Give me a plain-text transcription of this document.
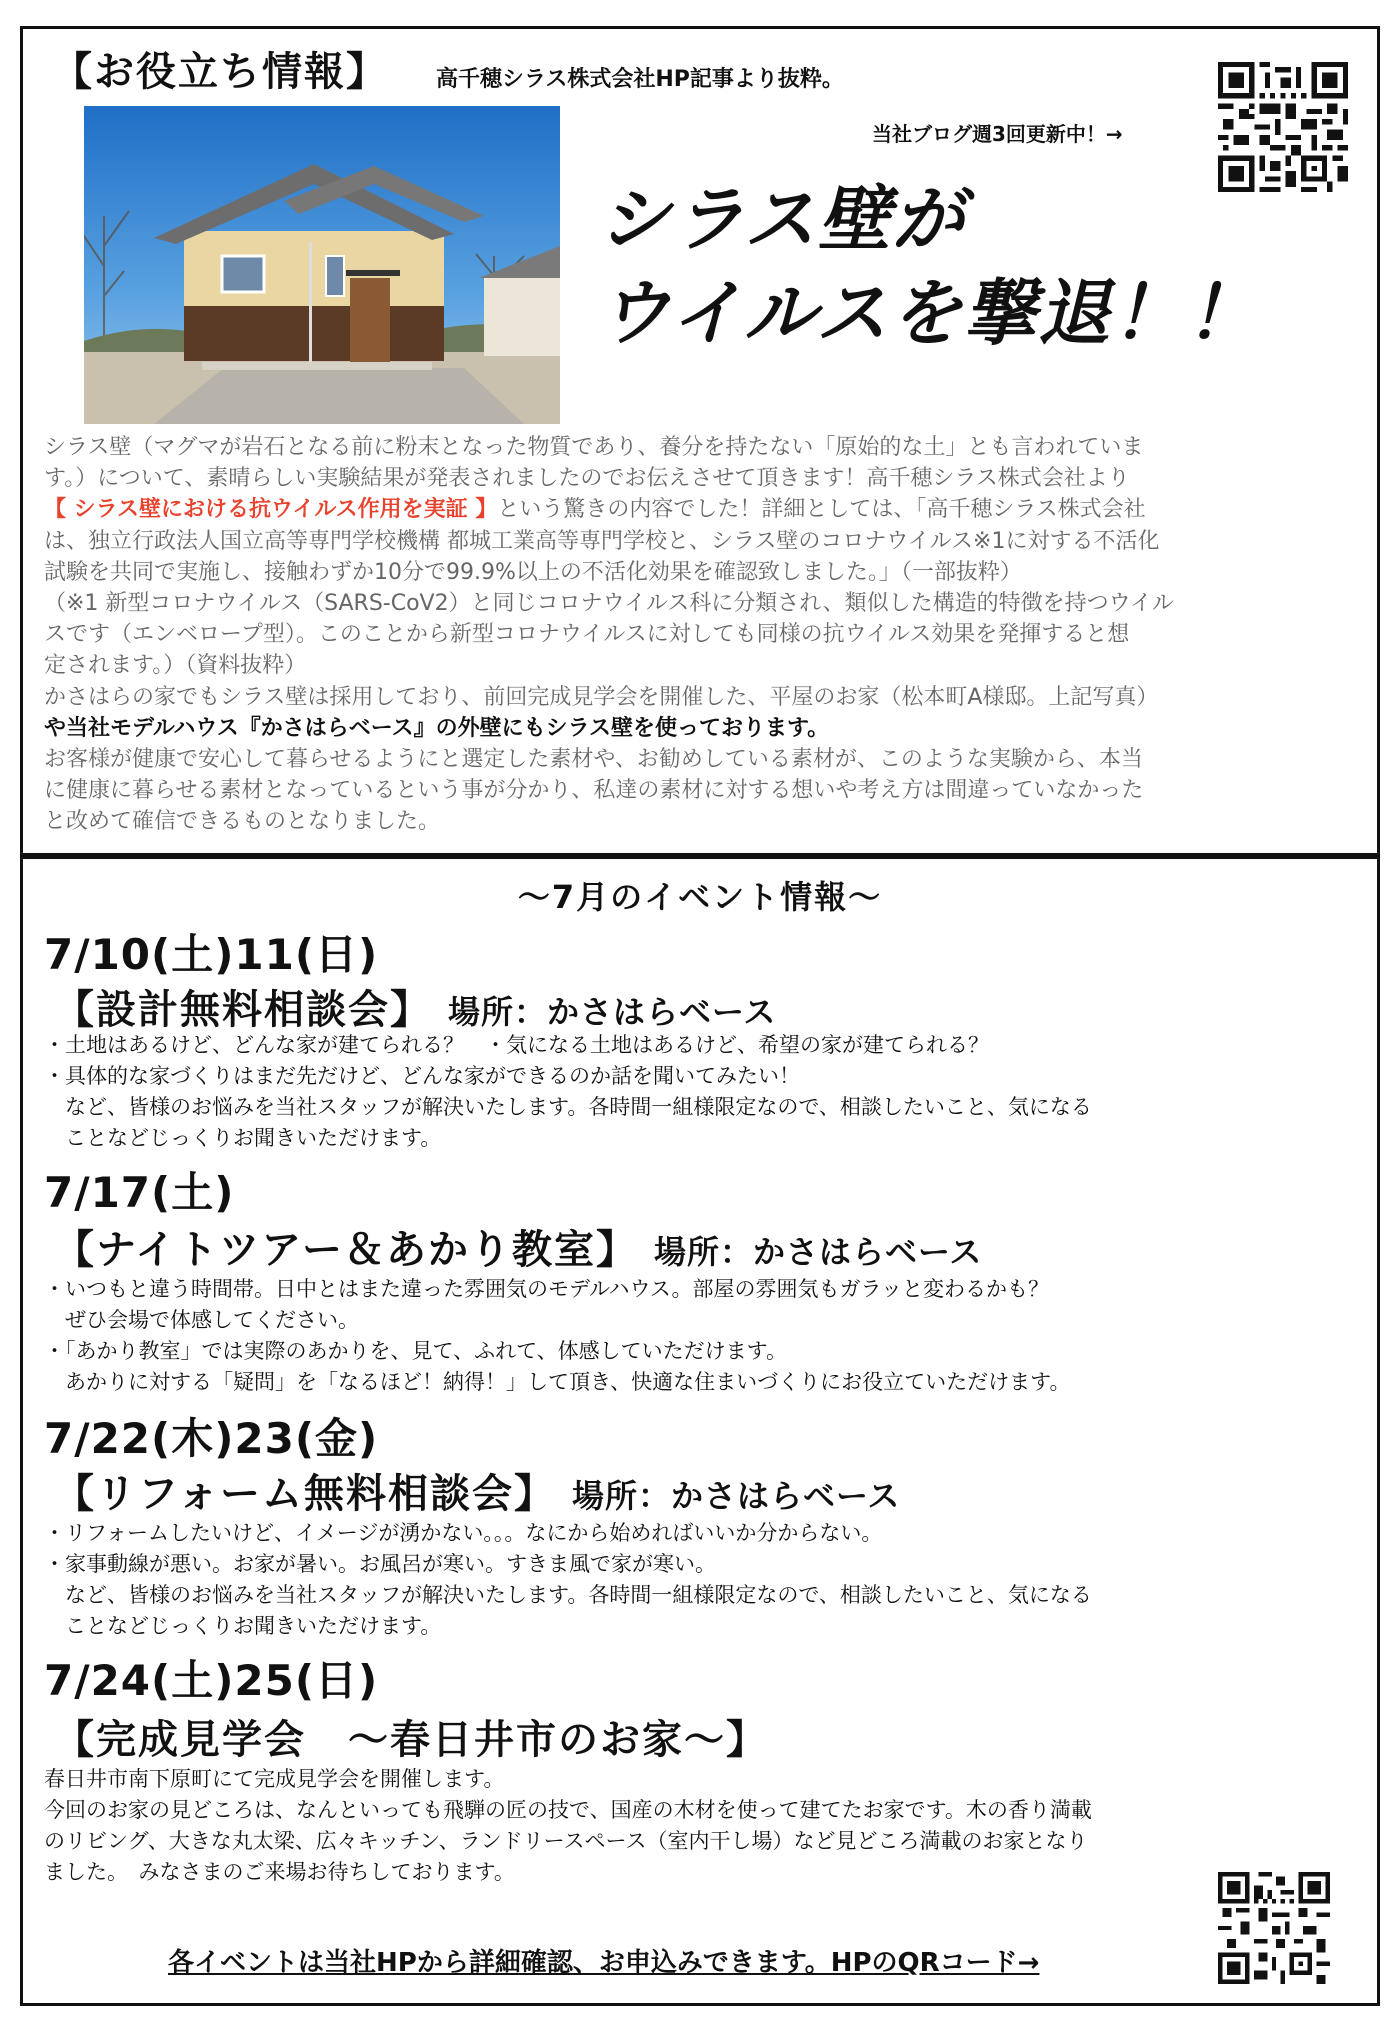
【お役立ち情報】 高千穂シラス株式会社HP記事より抜粋。
当社ブログ週3回更新中！→
シラス壁が
ウイルスを撃退！！

シラス壁（マグマが岩石となる前に粉末となった物質であり、養分を持たない「原始的な土」とも言われていま

す。）について、素晴らしい実験結果が発表されましたのでお伝えさせて頂きます！高千穂シラス株式会社より

【 シラス壁における抗ウイルス作用を実証 】という驚きの内容でした！詳細としては、「高千穂シラス株式会社

は、独立行政法人国立高等専門学校機構 都城工業高等専門学校と、シラス壁のコロナウイルス※1に対する不活化

試験を共同で実施し、接触わずか10分で99.9%以上の不活化効果を確認致しました。」（一部抜粋）

（※1 新型コロナウイルス（SARS-CoV2）と同じコロナウイルス科に分類され、類似した構造的特徴を持つウイル

スです（エンベロープ型）。このことから新型コロナウイルスに対しても同様の抗ウイルス効果を発揮すると想

定されます。）（資料抜粋）

かさはらの家でもシラス壁は採用しており、前回完成見学会を開催した、平屋のお家（松本町A様邸。上記写真）

や当社モデルハウス『かさはらベース』の外壁にもシラス壁を使っております。

お客様が健康で安心して暮らせるようにと選定した素材や、お勧めしている素材が、このような実験から、本当

に健康に暮らせる素材となっているという事が分かり、私達の素材に対する想いや考え方は間違っていなかった

と改めて確信できるものとなりました。

～7月のイベント情報～
7/10(土)11(日)
【設計無料相談会】 場所：かさはらベース
・土地はあるけど、どんな家が建てられる？　・気になる土地はあるけど、希望の家が建てられる？
・具体的な家づくりはまだ先だけど、どんな家ができるのか話を聞いてみたい！
　など、皆様のお悩みを当社スタッフが解決いたします。各時間一組様限定なので、相談したいこと、気になる
　ことなどじっくりお聞きいただけます。
7/17(土)
【ナイトツアー＆あかり教室】 場所：かさはらベース
・いつもと違う時間帯。日中とはまた違った雰囲気のモデルハウス。部屋の雰囲気もガラッと変わるかも？
　ぜひ会場で体感してください。
・「あかり教室」では実際のあかりを、見て、ふれて、体感していただけます。
　あかりに対する「疑問」を「なるほど！納得！」して頂き、快適な住まいづくりにお役立ていただけます。
7/22(木)23(金)
【リフォーム無料相談会】 場所：かさはらベース
・リフォームしたいけど、イメージが湧かない。。。なにから始めればいいか分からない。
・家事動線が悪い。お家が暑い。お風呂が寒い。すきま風で家が寒い。
　など、皆様のお悩みを当社スタッフが解決いたします。各時間一組様限定なので、相談したいこと、気になる
　ことなどじっくりお聞きいただけます。
7/24(土)25(日)
【完成見学会　～春日井市のお家～】
春日井市南下原町にて完成見学会を開催します。
今回のお家の見どころは、なんといっても飛騨の匠の技で、国産の木材を使って建てたお家です。木の香り満載
のリビング、大きな丸太梁、広々キッチン、ランドリースペース（室内干し場）など見どころ満載のお家となり
ました。　みなさまのご来場お待ちしております。
各イベントは当社HPから詳細確認、お申込みできます。HPのQRコード→
